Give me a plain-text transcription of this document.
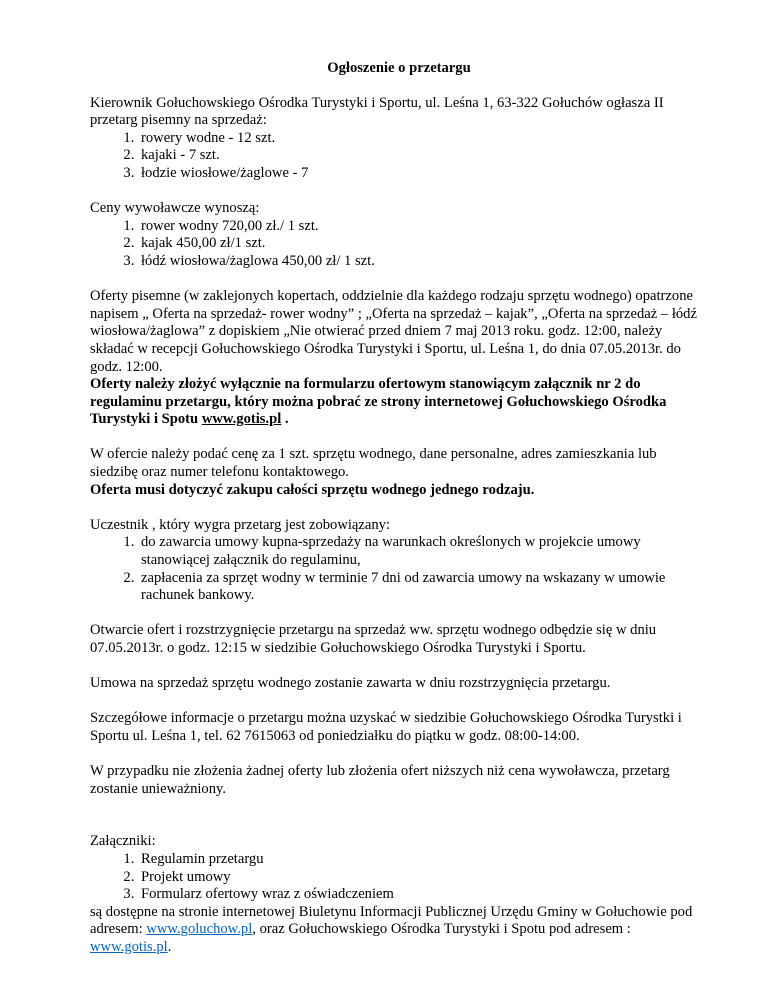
Ogłoszenie o przetargu

Kierownik Gołuchowskiego Ośrodka Turystyki i Sportu, ul. Leśna 1, 63-322 Gołuchów ogłasza II przetarg pisemny na sprzedaż:

1. rowery wodne - 12 szt.
2. kajaki - 7 szt.
3. łodzie wiosłowe/żaglowe - 7

Ceny wywoławcze wynoszą:

1. rower wodny 720,00 zł./ 1 szt.
2. kajak 450,00 zł/1 szt.
3. łódź wiosłowa/żaglowa 450,00 zł/ 1 szt.

Oferty pisemne (w zaklejonych kopertach, oddzielnie dla każdego rodzaju sprzętu wodnego) opatrzone napisem „ Oferta na sprzedaż- rower wodny” ; „Oferta na sprzedaż – kajak”, „Oferta na sprzedaż – łódź wiosłowa/żaglowa” z dopiskiem „Nie otwierać przed dniem 7 maj 2013 roku. godz. 12:00, należy składać w recepcji Gołuchowskiego Ośrodka Turystyki i Sportu, ul. Leśna 1, do dnia 07.05.2013r. do godz. 12:00.

Oferty należy złożyć wyłącznie na formularzu ofertowym stanowiącym załącznik nr 2 do regulaminu przetargu, który można pobrać ze strony internetowej Gołuchowskiego Ośrodka Turystyki i Spotu www.gotis.pl .

W ofercie należy podać cenę za 1 szt. sprzętu wodnego, dane personalne, adres zamieszkania lub siedzibę oraz numer telefonu kontaktowego.

Oferta musi dotyczyć zakupu całości sprzętu wodnego jednego rodzaju.

Uczestnik , który wygra przetarg jest zobowiązany:

1. do zawarcia umowy kupna-sprzedaży na warunkach określonych w projekcie umowy stanowiącej załącznik do regulaminu,
2. zapłacenia za sprzęt wodny w terminie 7 dni od zawarcia umowy na wskazany w umowie rachunek bankowy.

Otwarcie ofert i rozstrzygnięcie przetargu na sprzedaż ww. sprzętu wodnego odbędzie się w dniu 07.05.2013r. o godz. 12:15 w siedzibie Gołuchowskiego Ośrodka Turystyki i Sportu.

Umowa na sprzedaż sprzętu wodnego zostanie zawarta w dniu rozstrzygnięcia przetargu.

Szczegółowe informacje o przetargu można uzyskać w siedzibie Gołuchowskiego Ośrodka Turystki i Sportu ul. Leśna 1, tel. 62 7615063 od poniedziałku do piątku w godz. 08:00-14:00.

W przypadku nie złożenia żadnej oferty lub złożenia ofert niższych niż cena wywoławcza, przetarg zostanie unieważniony.

Załączniki:

1. Regulamin przetargu
2. Projekt umowy
3. Formularz ofertowy wraz z oświadczeniem

są dostępne na stronie internetowej Biuletynu Informacji Publicznej Urzędu Gminy w Gołuchowie pod adresem: www.goluchow.pl, oraz Gołuchowskiego Ośrodka Turystyki i Spotu pod adresem : www.gotis.pl.
